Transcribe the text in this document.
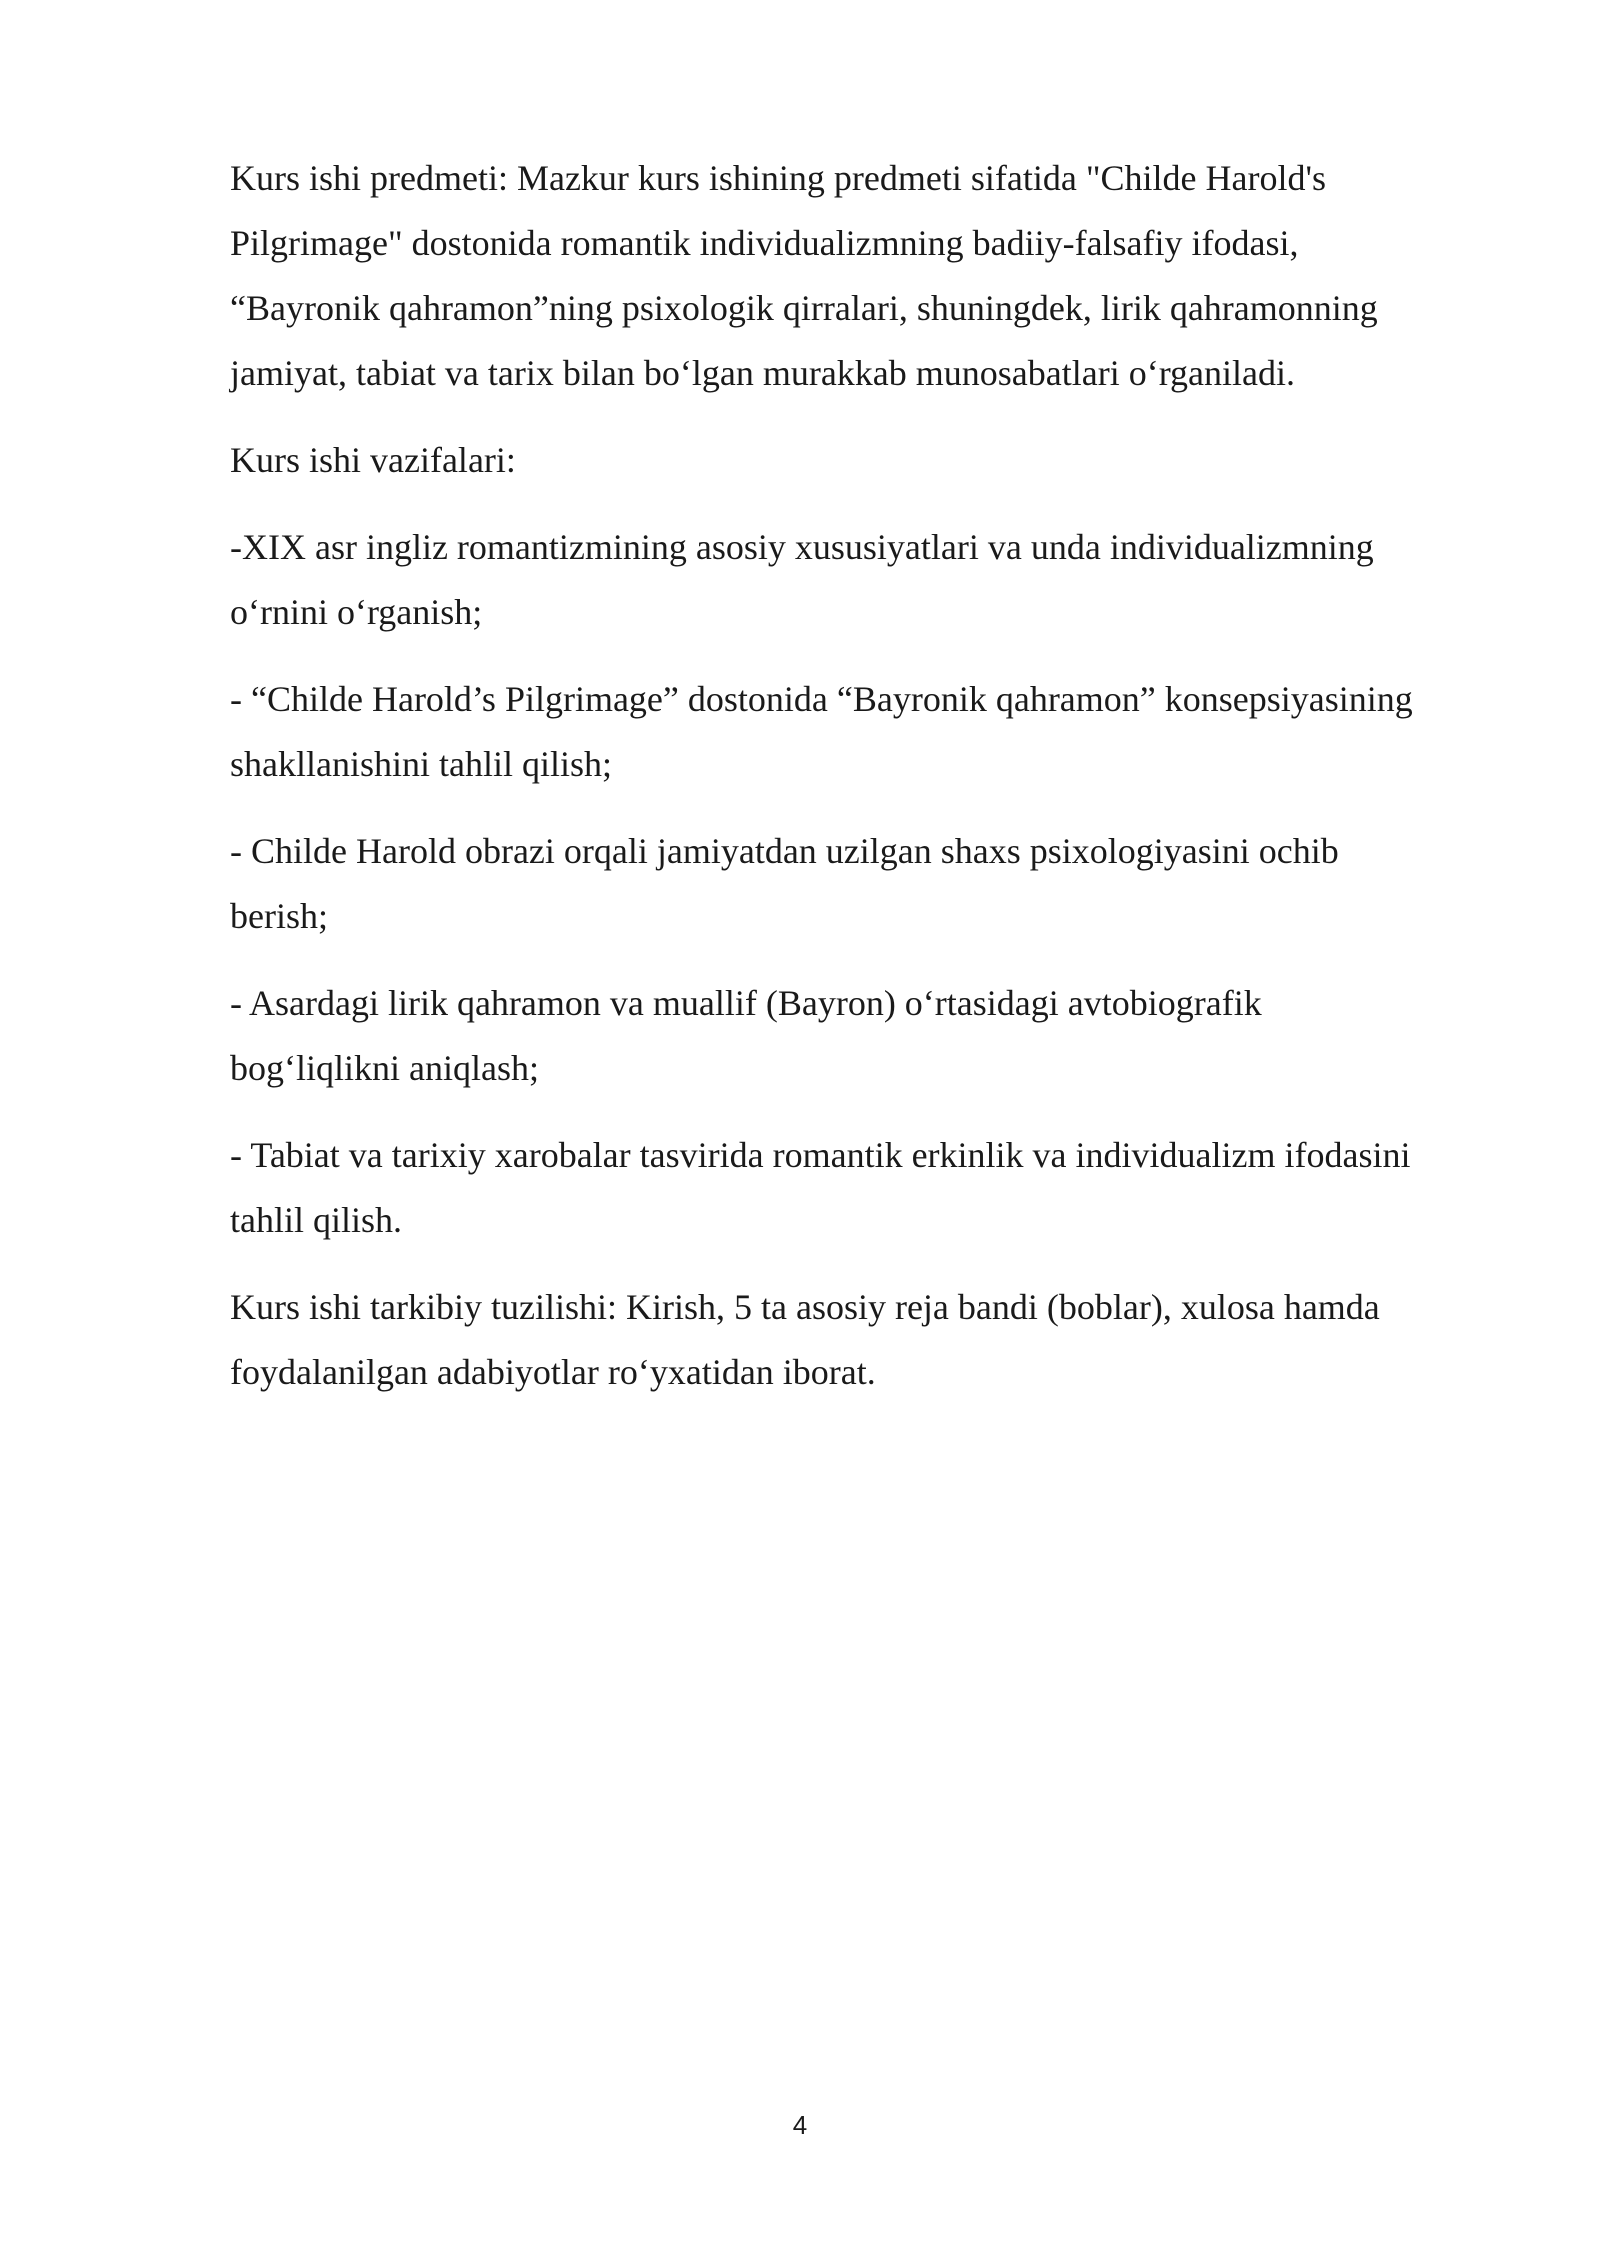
Kurs ishi predmeti: Mazkur kurs ishining predmeti sifatida "Childe Harold's
Pilgrimage" dostonida romantik individualizmning badiiy-falsafiy ifodasi,
“Bayronik qahramon”ning psixologik qirralari, shuningdek, lirik qahramonning
jamiyat, tabiat va tarix bilan bo‘lgan murakkab munosabatlari o‘rganiladi.

Kurs ishi vazifalari:

-XIX asr ingliz romantizmining asosiy xususiyatlari va unda individualizmning
o‘rnini o‘rganish;

- “Childe Harold’s Pilgrimage” dostonida “Bayronik qahramon” konsepsiyasining
shakllanishini tahlil qilish;

- Childe Harold obrazi orqali jamiyatdan uzilgan shaxs psixologiyasini ochib
berish;

- Asardagi lirik qahramon va muallif (Bayron) o‘rtasidagi avtobiografik
bog‘liqlikni aniqlash;

- Tabiat va tarixiy xarobalar tasvirida romantik erkinlik va individualizm ifodasini
tahlil qilish.

Kurs ishi tarkibiy tuzilishi: Kirish, 5 ta asosiy reja bandi (boblar), xulosa hamda
foydalanilgan adabiyotlar ro‘yxatidan iborat.

4
